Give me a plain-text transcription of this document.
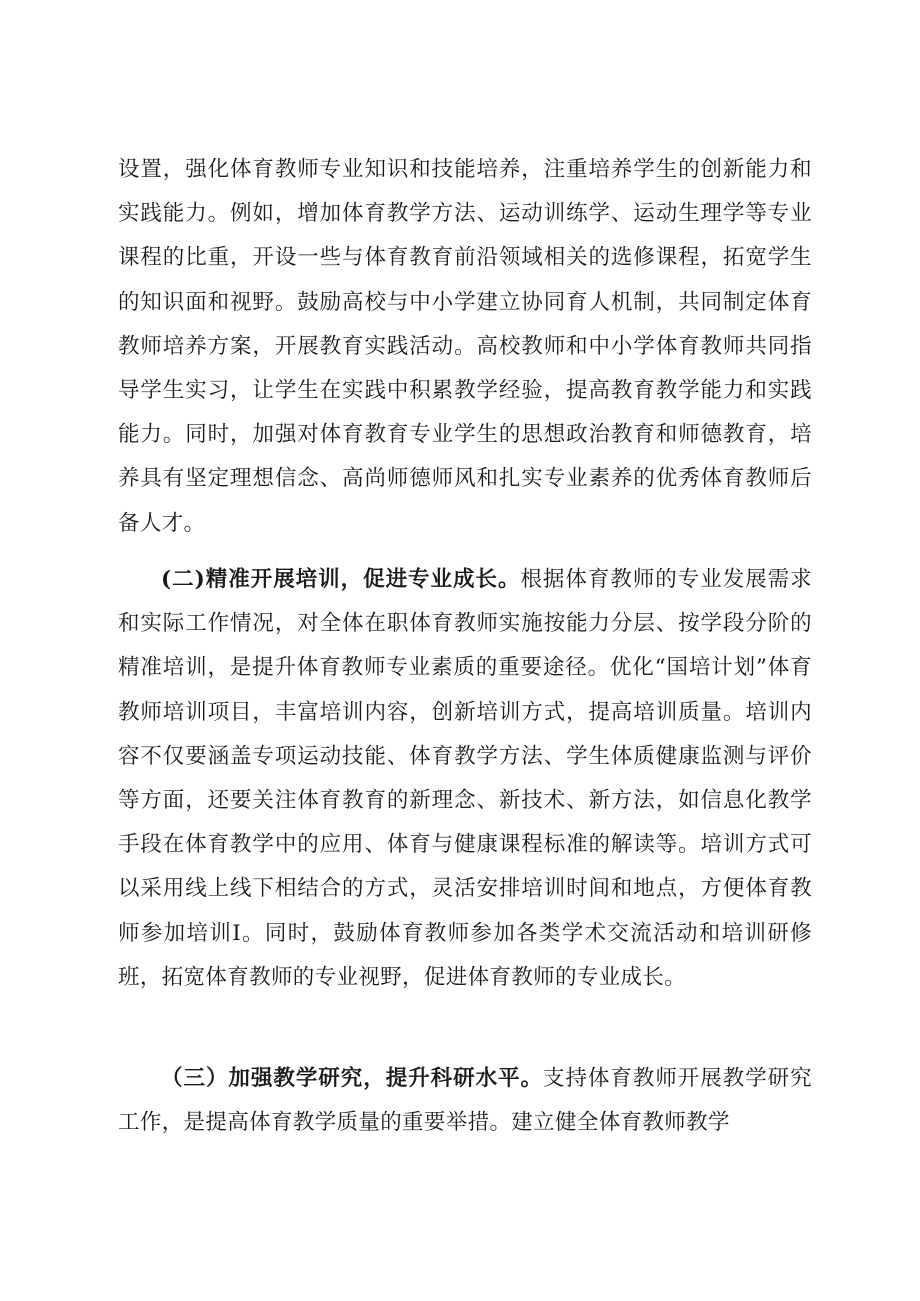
设置，强化体育教师专业知识和技能培养，注重培养学生的创新能力和实践能力。例如，增加体育教学方法、运动训练学、运动生理学等专业课程的比重，开设一些与体育教育前沿领域相关的选修课程，拓宽学生的知识面和视野。鼓励高校与中小学建立协同育人机制，共同制定体育教师培养方案，开展教育实践活动。高校教师和中小学体育教师共同指导学生实习，让学生在实践中积累教学经验，提高教育教学能力和实践能力。同时，加强对体育教育专业学生的思想政治教育和师德教育，培养具有坚定理想信念、高尚师德师风和扎实专业素养的优秀体育教师后备人才。

(二)精准开展培训，促进专业成长。根据体育教师的专业发展需求和实际工作情况，对全体在职体育教师实施按能力分层、按学段分阶的精准培训，是提升体育教师专业素质的重要途径。优化“国培计划”体育教师培训项目，丰富培训内容，创新培训方式，提高培训质量。培训内容不仅要涵盖专项运动技能、体育教学方法、学生体质健康监测与评价等方面，还要关注体育教育的新理念、新技术、新方法，如信息化教学手段在体育教学中的应用、体育与健康课程标准的解读等。培训方式可以采用线上线下相结合的方式，灵活安排培训时间和地点，方便体育教师参加培训I。同时，鼓励体育教师参加各类学术交流活动和培训研修班，拓宽体育教师的专业视野，促进体育教师的专业成长。

（三）加强教学研究，提升科研水平。支持体育教师开展教学研究工作，是提高体育教学质量的重要举措。建立健全体育教师教学
